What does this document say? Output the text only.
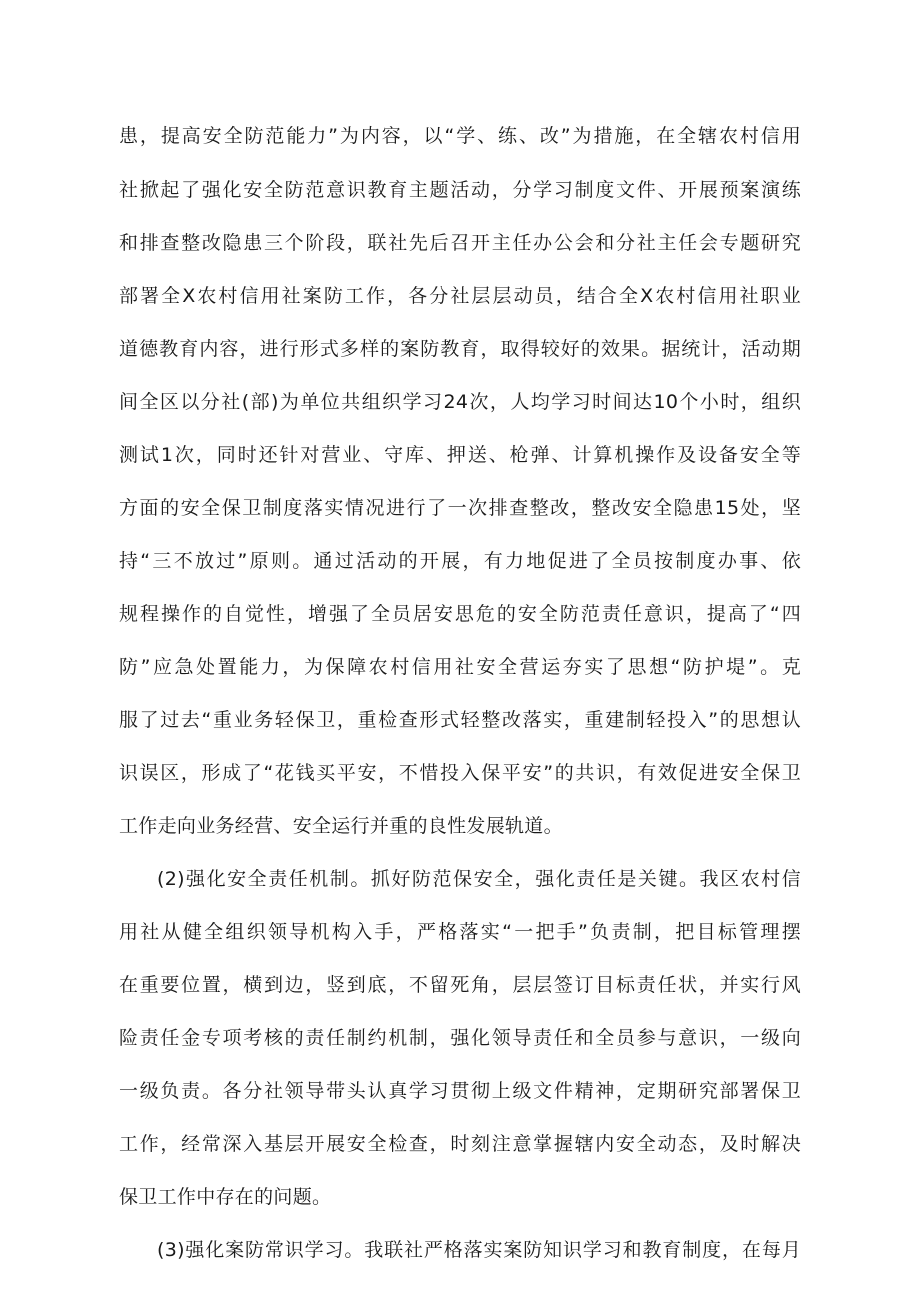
患，提高安全防范能力”为内容，以“学、练、改”为措施，在全辖农村信用
社掀起了强化安全防范意识教育主题活动，分学习制度文件、开展预案演练
和排查整改隐患三个阶段，联社先后召开主任办公会和分社主任会专题研究
部署全X农村信用社案防工作，各分社层层动员，结合全X农村信用社职业
道德教育内容，进行形式多样的案防教育，取得较好的效果。据统计，活动期
间全区以分社(部)为单位共组织学习24次，人均学习时间达10个小时，组织
测试1次，同时还针对营业、守库、押送、枪弹、计算机操作及设备安全等
方面的安全保卫制度落实情况进行了一次排查整改，整改安全隐患15处，坚
持“三不放过”原则。通过活动的开展，有力地促进了全员按制度办事、依
规程操作的自觉性，增强了全员居安思危的安全防范责任意识，提高了“四
防”应急处置能力，为保障农村信用社安全营运夯实了思想“防护堤”。克
服了过去“重业务轻保卫，重检查形式轻整改落实，重建制轻投入”的思想认
识误区，形成了“花钱买平安，不惜投入保平安”的共识，有效促进安全保卫
工作走向业务经营、安全运行并重的良性发展轨道。
(2)强化安全责任机制。抓好防范保安全，强化责任是关键。我区农村信
用社从健全组织领导机构入手，严格落实“一把手”负责制，把目标管理摆
在重要位置，横到边，竖到底，不留死角，层层签订目标责任状，并实行风
险责任金专项考核的责任制约机制，强化领导责任和全员参与意识，一级向
一级负责。各分社领导带头认真学习贯彻上级文件精神，定期研究部署保卫
工作，经常深入基层开展安全检查，时刻注意掌握辖内安全动态，及时解决
保卫工作中存在的问题。
(3)强化案防常识学习。我联社严格落实案防知识学习和教育制度，在每月
